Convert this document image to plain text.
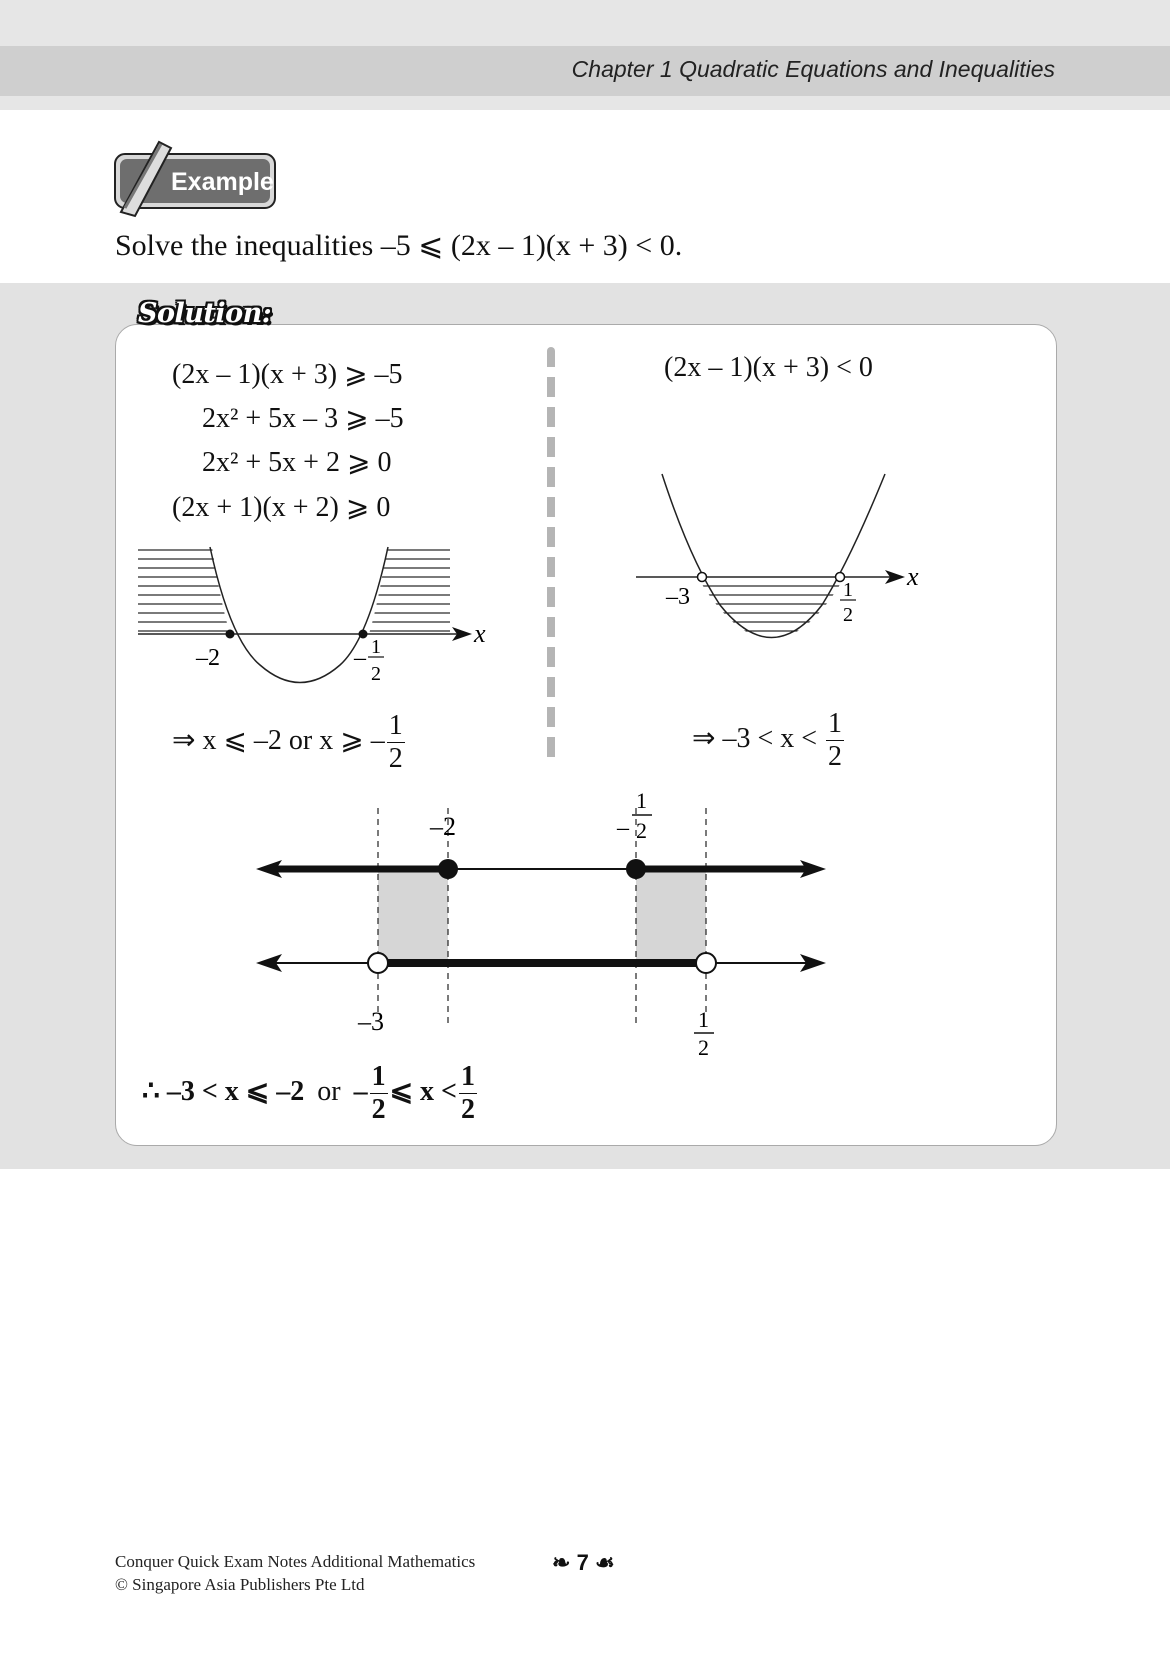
Chapter 1 Quadratic Equations and Inequalities
Example
Solve the inequalities –5 ⩽ (2x – 1)(x + 3) < 0.
Solution:
(2x – 1)(x + 3) ⩾ –5
2x² + 5x – 3 ⩾ –5
2x² + 5x + 2 ⩾ 0
(2x + 1)(x + 2) ⩾ 0
(2x – 1)(x + 3) < 0
x
–2	– 1
2
x
–3	1
2
–2	–
1
2
–3	1
2
⇒ x ⩽ –2 or x ⩾ – $\frac{1}{2}$	⇒ $-3 < x < \frac{1}{2}$
∴ –3 < x ⩽ –2 or – $\frac{1}{2}$ ⩽ $x < \frac{1}{2}$
Conquer Quick Exam Notes Additional Mathematics
© Singapore Asia Publishers Pte Ltd
❧ 7 ☙
